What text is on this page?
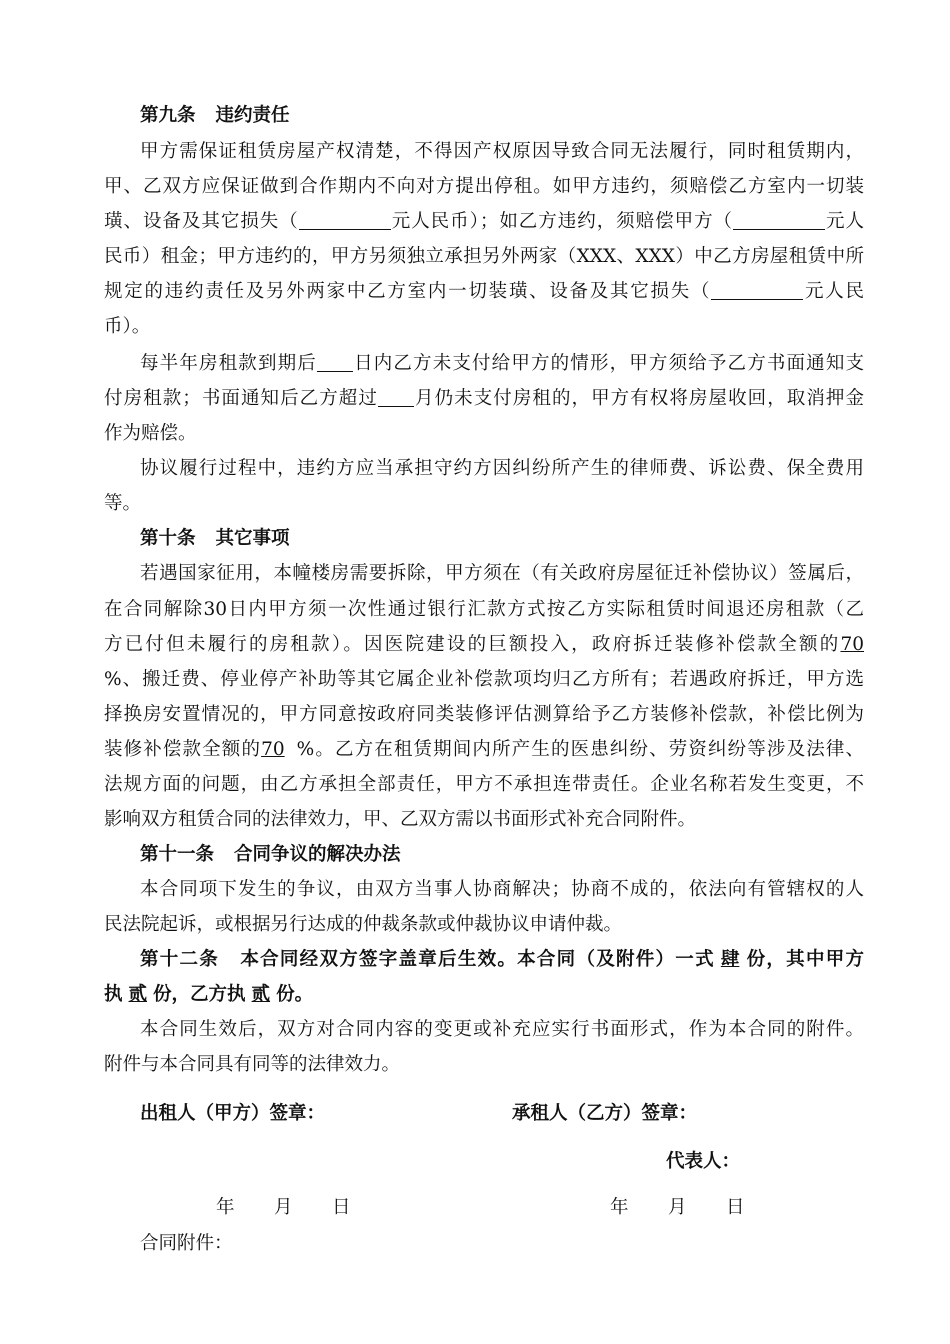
第九条 违约责任
甲方需保证租赁房屋产权清楚，不得因产权原因导致合同无法履行，同时租赁期内，
甲、乙双方应保证做到合作期内不向对方提出停租。如甲方违约，须赔偿乙方室内一切装
璜、设备及其它损失（	元人民币）；如乙方违约，须赔偿甲方（	元人
民币）租金；甲方违约的，甲方另须独立承担另外两家（XXX、XXX）中乙方房屋租赁中所
规定的违约责任及另外两家中乙方室内一切装璜、设备及其它损失（	元人民
币）。
每半年房租款到期后 日内乙方未支付给甲方的情形，甲方须给予乙方书面通知支
付房租款；书面通知后乙方超过 月仍未支付房租的，甲方有权将房屋收回，取消押金
作为赔偿。
协议履行过程中，违约方应当承担守约方因纠纷所产生的律师费、诉讼费、保全费用
等。
第十条 其它事项
若遇国家征用，本幢楼房需要拆除，甲方须在（有关政府房屋征迁补偿协议）签属后，
在合同解除30日内甲方须一次性通过银行汇款方式按乙方实际租赁时间退还房租款（乙
方已付但未履行的房租款）。因医院建设的巨额投入，政府拆迁装修补偿款全额的70
%、搬迁费、停业停产补助等其它属企业补偿款项均归乙方所有；若遇政府拆迁，甲方选
择换房安置情况的，甲方同意按政府同类装修评估测算给予乙方装修补偿款，补偿比例为
装修补偿款全额的70 %。乙方在租赁期间内所产生的医患纠纷、劳资纠纷等涉及法律、
法规方面的问题，由乙方承担全部责任，甲方不承担连带责任。企业名称若发生变更，不
影响双方租赁合同的法律效力，甲、乙双方需以书面形式补充合同附件。
第十一条 合同争议的解决办法
本合同项下发生的争议，由双方当事人协商解决；协商不成的，依法向有管辖权的人
民法院起诉，或根据另行达成的仲裁条款或仲裁协议申请仲裁。
第十二条 本合同经双方签字盖章后生效。本合同（及附件）一式 肆 份，其中甲方
执 贰 份，乙方执 贰 份。
本合同生效后，双方对合同内容的变更或补充应实行书面形式，作为本合同的附件。
附件与本合同具有同等的法律效力。
出租人（甲方）签章：	承租人（乙方）签章：
代表人：
年 月 日	年 月 日
合同附件：
